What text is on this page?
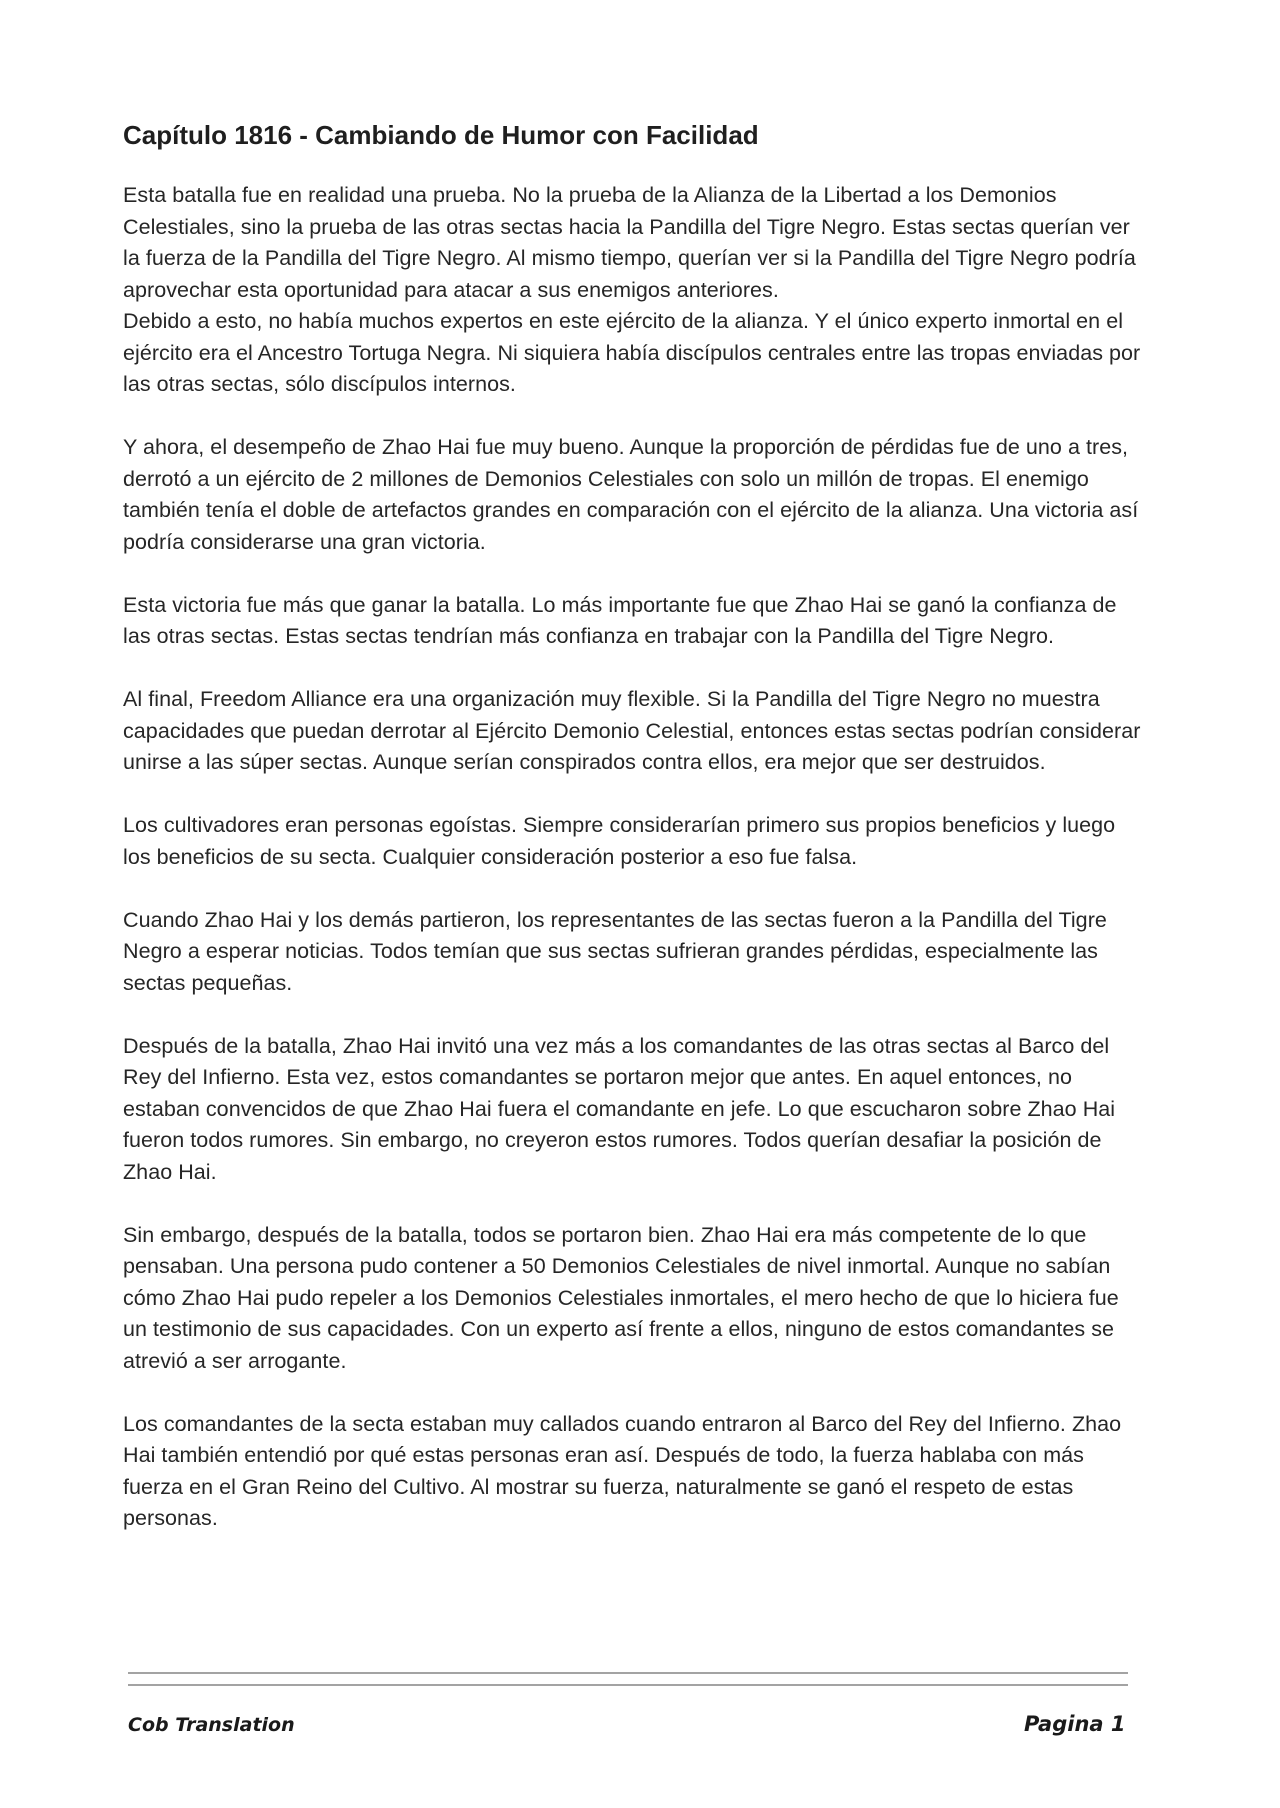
Capítulo 1816 - Cambiando de Humor con Facilidad

Esta batalla fue en realidad una prueba. No la prueba de la Alianza de la Libertad a los Demonios Celestiales, sino la prueba de las otras sectas hacia la Pandilla del Tigre Negro. Estas sectas querían ver la fuerza de la Pandilla del Tigre Negro. Al mismo tiempo, querían ver si la Pandilla del Tigre Negro podría aprovechar esta oportunidad para atacar a sus enemigos anteriores.

Debido a esto, no había muchos expertos en este ejército de la alianza. Y el único experto inmortal en el ejército era el Ancestro Tortuga Negra. Ni siquiera había discípulos centrales entre las tropas enviadas por las otras sectas, sólo discípulos internos.

Y ahora, el desempeño de Zhao Hai fue muy bueno. Aunque la proporción de pérdidas fue de uno a tres, derrotó a un ejército de 2 millones de Demonios Celestiales con solo un millón de tropas. El enemigo también tenía el doble de artefactos grandes en comparación con el ejército de la alianza. Una victoria así podría considerarse una gran victoria.

Esta victoria fue más que ganar la batalla. Lo más importante fue que Zhao Hai se ganó la confianza de las otras sectas. Estas sectas tendrían más confianza en trabajar con la Pandilla del Tigre Negro.

Al final, Freedom Alliance era una organización muy flexible. Si la Pandilla del Tigre Negro no muestra capacidades que puedan derrotar al Ejército Demonio Celestial, entonces estas sectas podrían considerar unirse a las súper sectas. Aunque serían conspirados contra ellos, era mejor que ser destruidos.

Los cultivadores eran personas egoístas. Siempre considerarían primero sus propios beneficios y luego los beneficios de su secta. Cualquier consideración posterior a eso fue falsa.

Cuando Zhao Hai y los demás partieron, los representantes de las sectas fueron a la Pandilla del Tigre Negro a esperar noticias. Todos temían que sus sectas sufrieran grandes pérdidas, especialmente las sectas pequeñas.

Después de la batalla, Zhao Hai invitó una vez más a los comandantes de las otras sectas al Barco del Rey del Infierno. Esta vez, estos comandantes se portaron mejor que antes. En aquel entonces, no estaban convencidos de que Zhao Hai fuera el comandante en jefe. Lo que escucharon sobre Zhao Hai fueron todos rumores. Sin embargo, no creyeron estos rumores. Todos querían desafiar la posición de Zhao Hai.

Sin embargo, después de la batalla, todos se portaron bien. Zhao Hai era más competente de lo que pensaban. Una persona pudo contener a 50 Demonios Celestiales de nivel inmortal. Aunque no sabían cómo Zhao Hai pudo repeler a los Demonios Celestiales inmortales, el mero hecho de que lo hiciera fue un testimonio de sus capacidades. Con un experto así frente a ellos, ninguno de estos comandantes se atrevió a ser arrogante.

Los comandantes de la secta estaban muy callados cuando entraron al Barco del Rey del Infierno. Zhao Hai también entendió por qué estas personas eran así. Después de todo, la fuerza hablaba con más fuerza en el Gran Reino del Cultivo. Al mostrar su fuerza, naturalmente se ganó el respeto de estas personas.

Cob Translation	Pagina 1
